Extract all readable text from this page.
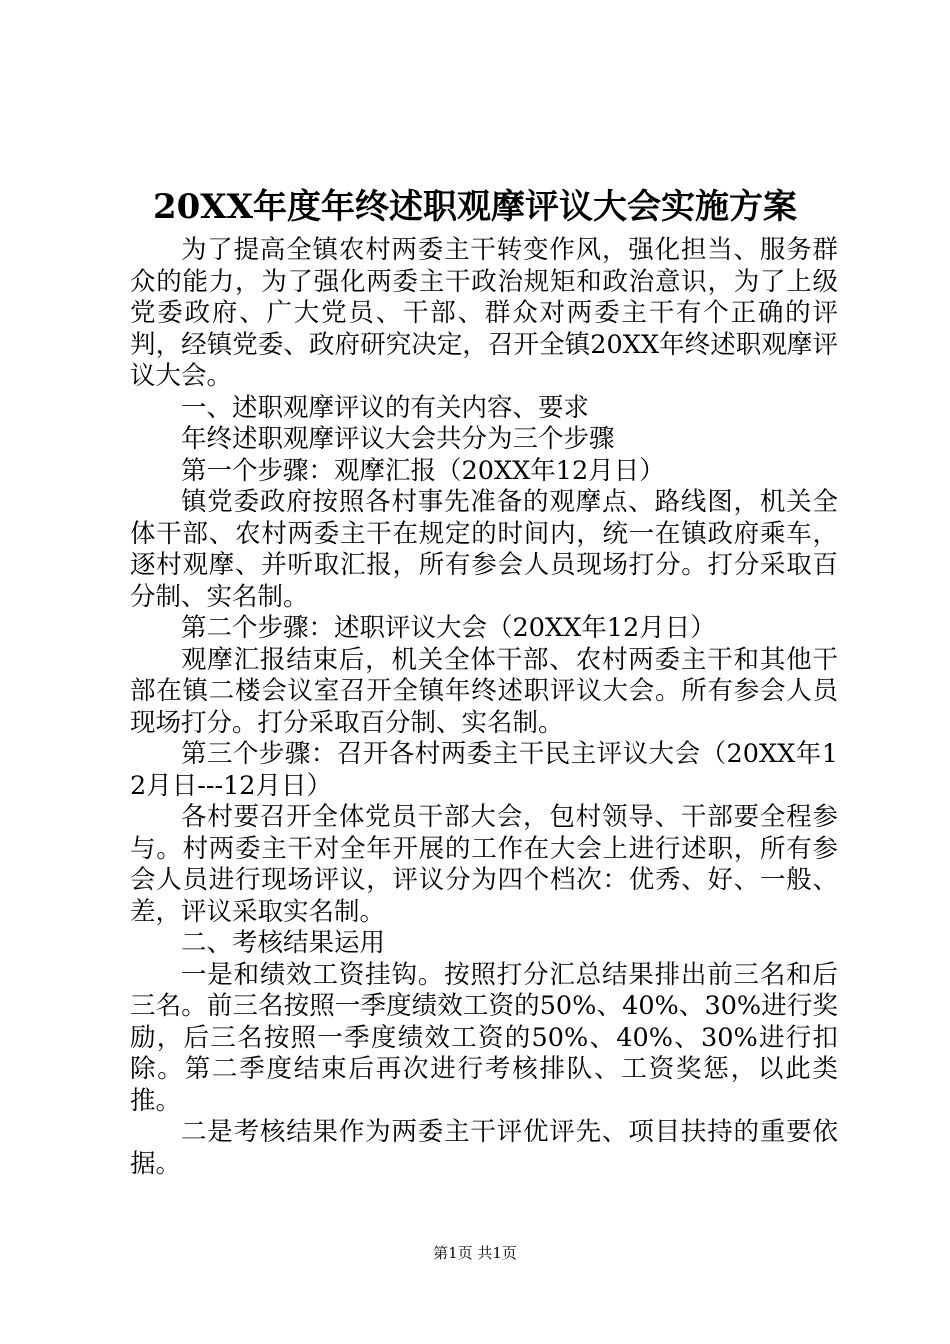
20XX年度年终述职观摩评议大会实施方案

为了提高全镇农村两委主干转变作风，强化担当、服务群众的能力，为了强化两委主干政治规矩和政治意识，为了上级党委政府、广大党员、干部、群众对两委主干有个正确的评判，经镇党委、政府研究决定，召开全镇20XX年终述职观摩评议大会。

一、述职观摩评议的有关内容、要求

年终述职观摩评议大会共分为三个步骤

第一个步骤：观摩汇报（20XX年12月日）

镇党委政府按照各村事先准备的观摩点、路线图，机关全体干部、农村两委主干在规定的时间内，统一在镇政府乘车，逐村观摩、并听取汇报，所有参会人员现场打分。打分采取百分制、实名制。

第二个步骤：述职评议大会（20XX年12月日）

观摩汇报结束后，机关全体干部、农村两委主干和其他干部在镇二楼会议室召开全镇年终述职评议大会。所有参会人员现场打分。打分采取百分制、实名制。

第三个步骤：召开各村两委主干民主评议大会（20XX年12月日---12月日）

各村要召开全体党员干部大会，包村领导、干部要全程参与。村两委主干对全年开展的工作在大会上进行述职，所有参会人员进行现场评议，评议分为四个档次：优秀、好、一般、差，评议采取实名制。

二、考核结果运用

一是和绩效工资挂钩。按照打分汇总结果排出前三名和后三名。前三名按照一季度绩效工资的50%、40%、30%进行奖励，后三名按照一季度绩效工资的50%、40%、30%进行扣除。第二季度结束后再次进行考核排队、工资奖惩，以此类推。

二是考核结果作为两委主干评优评先、项目扶持的重要依据。

第1页 共1页
